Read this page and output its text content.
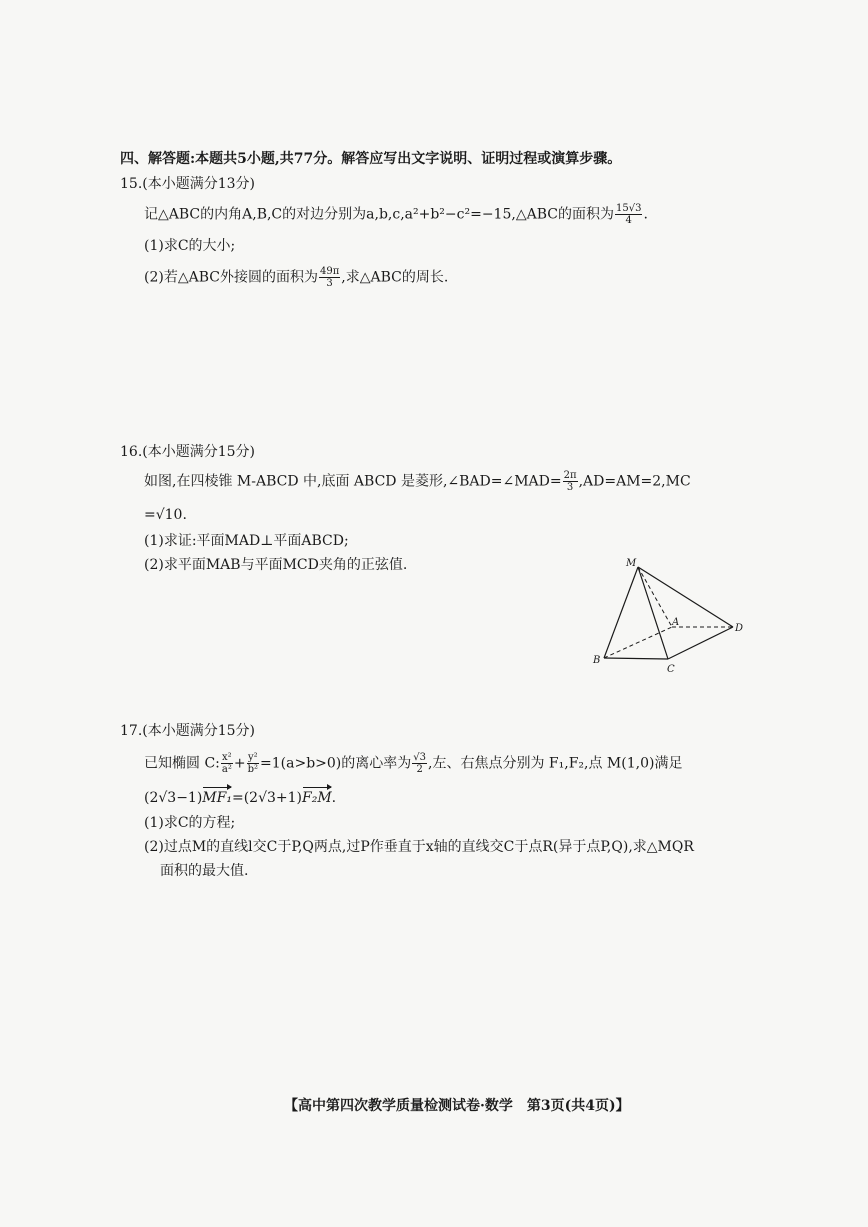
四、解答题:本题共5小题,共77分。解答应写出文字说明、证明过程或演算步骤。
15.(本小题满分13分)
记△ABC的内角A,B,C的对边分别为a,b,c,a²+b²−c²=−15,△ABC的面积为 $\frac{15√3}{4}$ .
(1)求C的大小;
(2)若△ABC外接圆的面积为 $\frac{49\pi}{3}$ ,求△ABC的周长.
16.(本小题满分15分)
如图,在四棱锥 M-ABCD 中,底面 ABCD 是菱形,∠BAD=∠MAD= $\frac{2\pi}{3} ,AD=AM=2,MC$
=√10.
(1)求证:平面MAD⊥平面ABCD;
(2)求平面MAB与平面MCD夹角的正弦值.	M
A
B
C
D
17.(本小题满分15分)
已知椭圆 C: $\frac{\text{x²}}{\text{a²}} + \frac{\text{y²}}{\text{b²}} =1(a>b>0)$的离心率为 $\frac{√3}{2}$ ,左、右焦点分别为 F₁,F₂,点 M(1,0)满足
(2√3−1)MF₁=(2√3+1)F₂M.
(1)求C的方程;
(2)过点M的直线l交C于P,Q两点,过P作垂直于x轴的直线交C于点R(异于点P,Q),求△MQR
面积的最大值.
【高中第四次教学质量检测试卷·数学　第3页(共4页)】
